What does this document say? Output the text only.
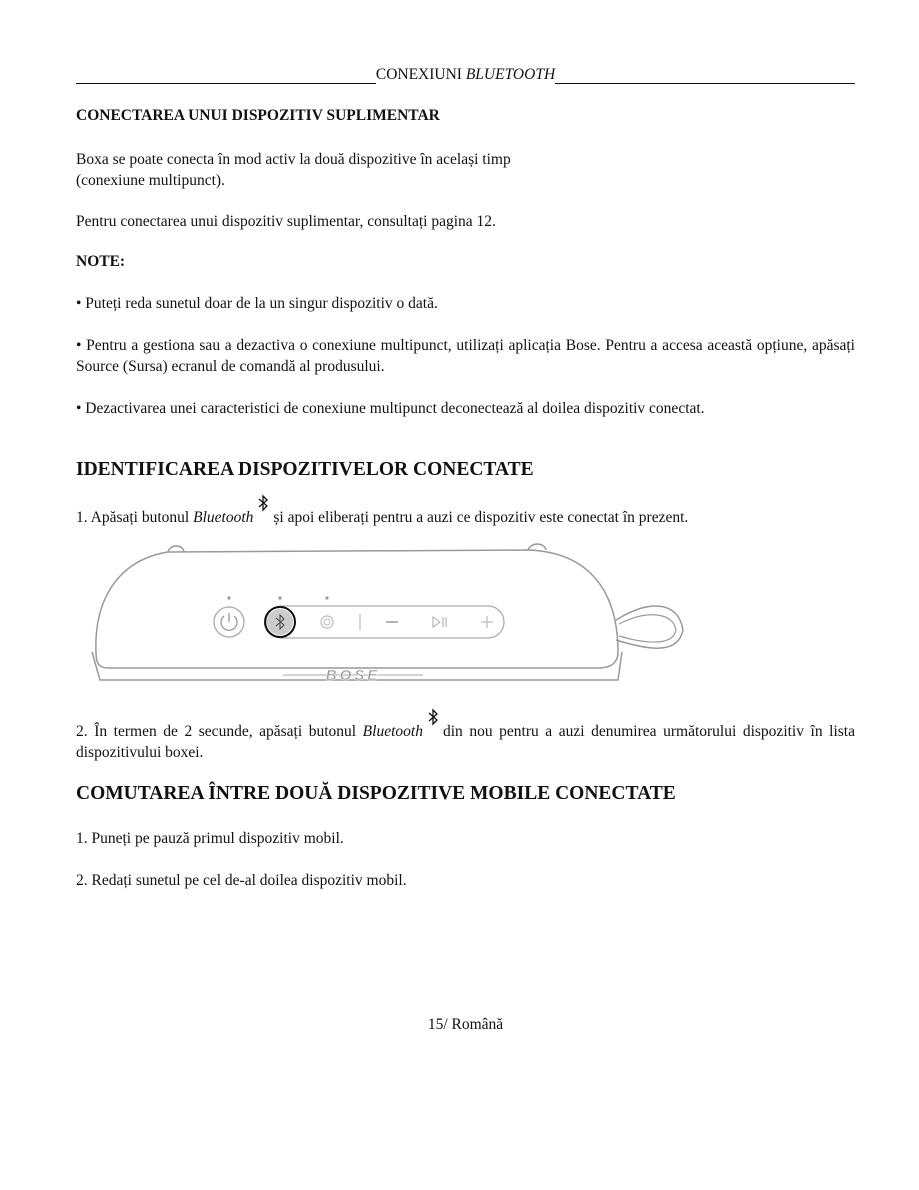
CONEXIUNI BLUETOOTH
CONECTAREA UNUI DISPOZITIV SUPLIMENTAR
Boxa se poate conecta în mod activ la două dispozitive în același timp
(conexiune multipunct).
Pentru conectarea unui dispozitiv suplimentar, consultați pagina 12.
NOTE:
• Puteți reda sunetul doar de la un singur dispozitiv o dată.
• Pentru a gestiona sau a dezactiva o conexiune multipunct, utilizați aplicația Bose. Pentru a accesa această opțiune, apăsați Source (Sursa) ecranul de comandă al produsului.
• Dezactivarea unei caracteristici de conexiune multipunct deconectează al doilea dispozitiv conectat.
IDENTIFICAREA DISPOZITIVELOR CONECTATE
1. Apăsați butonul Bluetooth și apoi eliberați pentru a auzi ce dispozitiv este conectat în prezent.
BOSE
2. În termen de 2 secunde, apăsați butonul Bluetooth din nou pentru a auzi denumirea următorului dispozitiv în lista dispozitivului boxei.
COMUTAREA ÎNTRE DOUĂ DISPOZITIVE MOBILE CONECTATE
1. Puneți pe pauză primul dispozitiv mobil.
2. Redați sunetul pe cel de-al doilea dispozitiv mobil.
15/ Română
